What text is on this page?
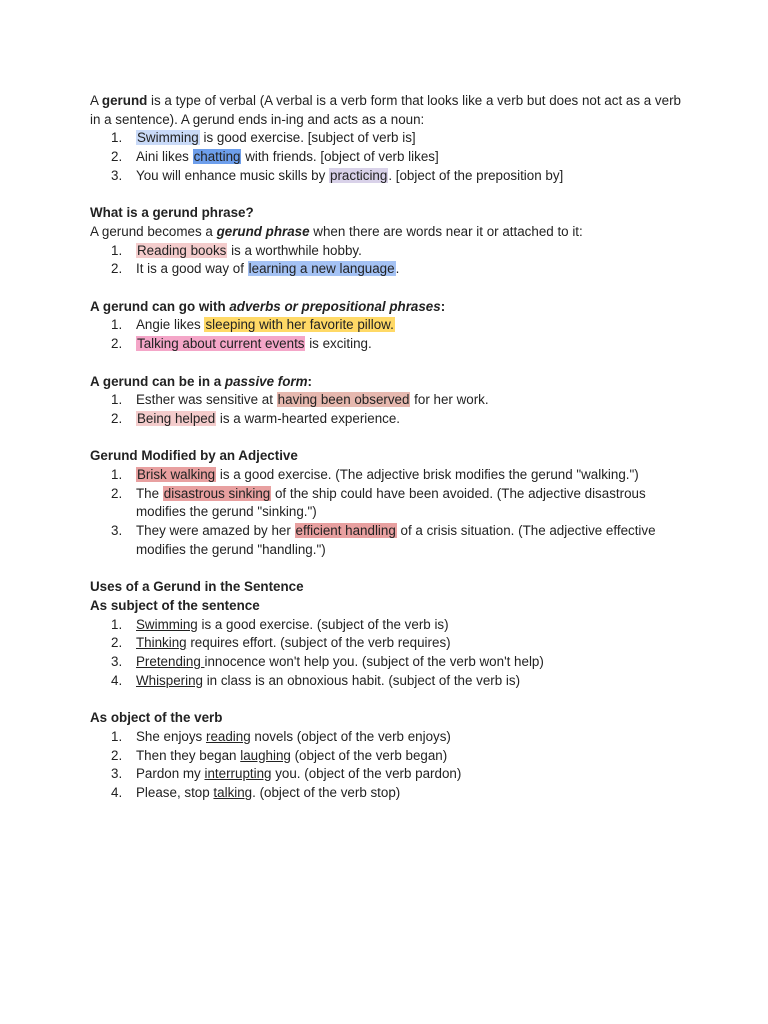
A gerund is a type of verbal (A verbal is a verb form that looks like a verb but does not act as a verb in a sentence). A gerund ends in-ing and acts as a noun:

1. Swimming is good exercise. [subject of verb is]
2. Aini likes chatting with friends. [object of verb likes]
3. You will enhance music skills by practicing. [object of the preposition by]

What is a gerund phrase?

A gerund becomes a gerund phrase when there are words near it or attached to it:

1. Reading books is a worthwhile hobby.
2. It is a good way of learning a new language.

A gerund can go with adverbs or prepositional phrases:

1. Angie likes sleeping with her favorite pillow.
2. Talking about current events is exciting.

A gerund can be in a passive form:

1. Esther was sensitive at having been observed for her work.
2. Being helped is a warm-hearted experience.

Gerund Modified by an Adjective

1. Brisk walking is a good exercise. (The adjective brisk modifies the gerund "walking.")
2. The disastrous sinking of the ship could have been avoided. (The adjective disastrous modifies the gerund "sinking.")
3. They were amazed by her efficient handling of a crisis situation. (The adjective effective modifies the gerund "handling.")

Uses of a Gerund in the Sentence

As subject of the sentence

1. Swimming is a good exercise. (subject of the verb is)
2. Thinking requires effort. (subject of the verb requires)
3. Pretending innocence won't help you. (subject of the verb won't help)
4. Whispering in class is an obnoxious habit. (subject of the verb is)

As object of the verb

1. She enjoys reading novels (object of the verb enjoys)
2. Then they began laughing (object of the verb began)
3. Pardon my interrupting you. (object of the verb pardon)
4. Please, stop talking. (object of the verb stop)
